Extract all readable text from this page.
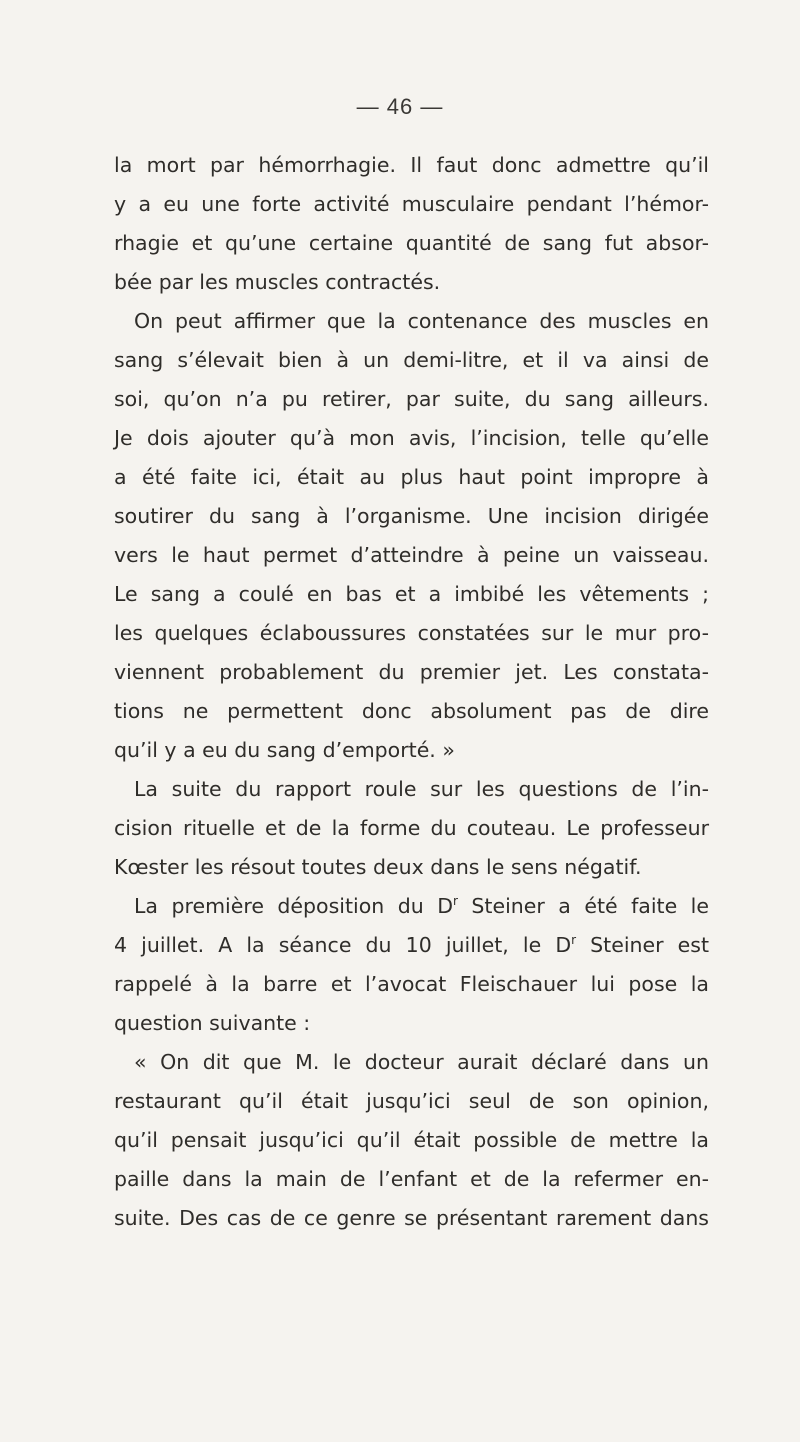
— 46 —
la mort par hémorrhagie. Il faut donc admettre qu’il
y a eu une forte activité musculaire pendant l’hémor-
rhagie et qu’une certaine quantité de sang fut absor-
bée par les muscles contractés.
On peut affirmer que la contenance des muscles en
sang s’élevait bien à un demi-litre, et il va ainsi de
soi, qu’on n’a pu retirer, par suite, du sang ailleurs.
Je dois ajouter qu’à mon avis, l’incision, telle qu’elle
a été faite ici, était au plus haut point impropre à
soutirer du sang à l’organisme. Une incision dirigée
vers le haut permet d’atteindre à peine un vaisseau.
Le sang a coulé en bas et a imbibé les vêtements ;
les quelques éclaboussures constatées sur le mur pro-
viennent probablement du premier jet. Les constata-
tions ne permettent donc absolument pas de dire
qu’il y a eu du sang d’emporté. »
La suite du rapport roule sur les questions de l’in-
cision rituelle et de la forme du couteau. Le professeur
Kœster les résout toutes deux dans le sens négatif.
La première déposition du $D^r$ Steiner a été faite le
4 juillet. A la séance du 10 juillet, le $D^r$ Steiner est
rappelé à la barre et l’avocat Fleischauer lui pose la
question suivante :
« On dit que M. le docteur aurait déclaré dans un
restaurant qu’il était jusqu’ici seul de son opinion,
qu’il pensait jusqu’ici qu’il était possible de mettre la
paille dans la main de l’enfant et de la refermer en-
suite. Des cas de ce genre se présentant rarement dans
